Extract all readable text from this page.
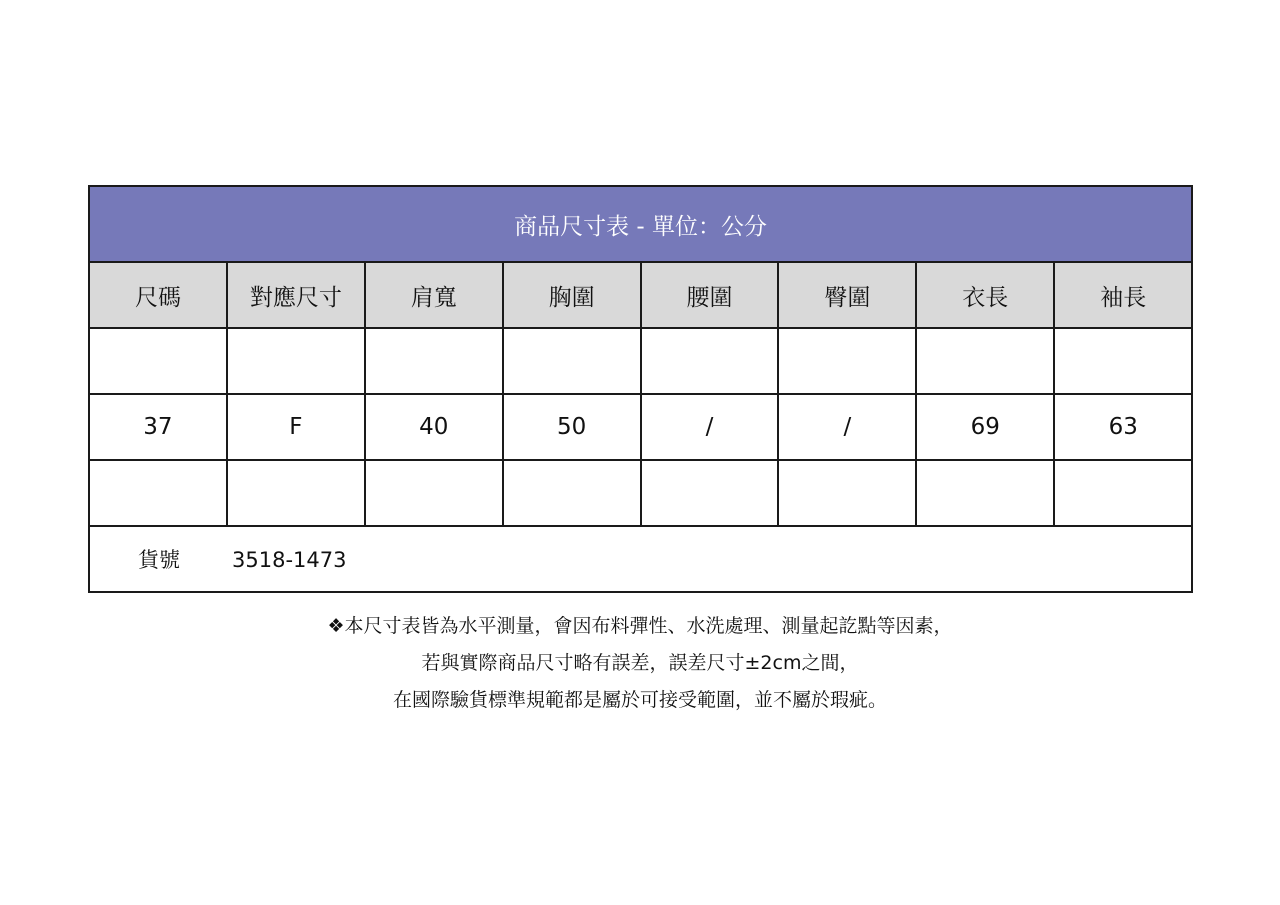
商品尺寸表 - 單位：公分							
尺碼	對應尺寸	肩寬	胸圍	腰圍	臀圍	衣長	袖長

37	F	40	50	/	/	69	63

貨號 3518-1473							
❖本尺寸表皆為水平測量，會因布料彈性、水洗處理、測量起訖點等因素，
若與實際商品尺寸略有誤差，誤差尺寸±2cm之間，
在國際驗貨標準規範都是屬於可接受範圍，並不屬於瑕疵。
